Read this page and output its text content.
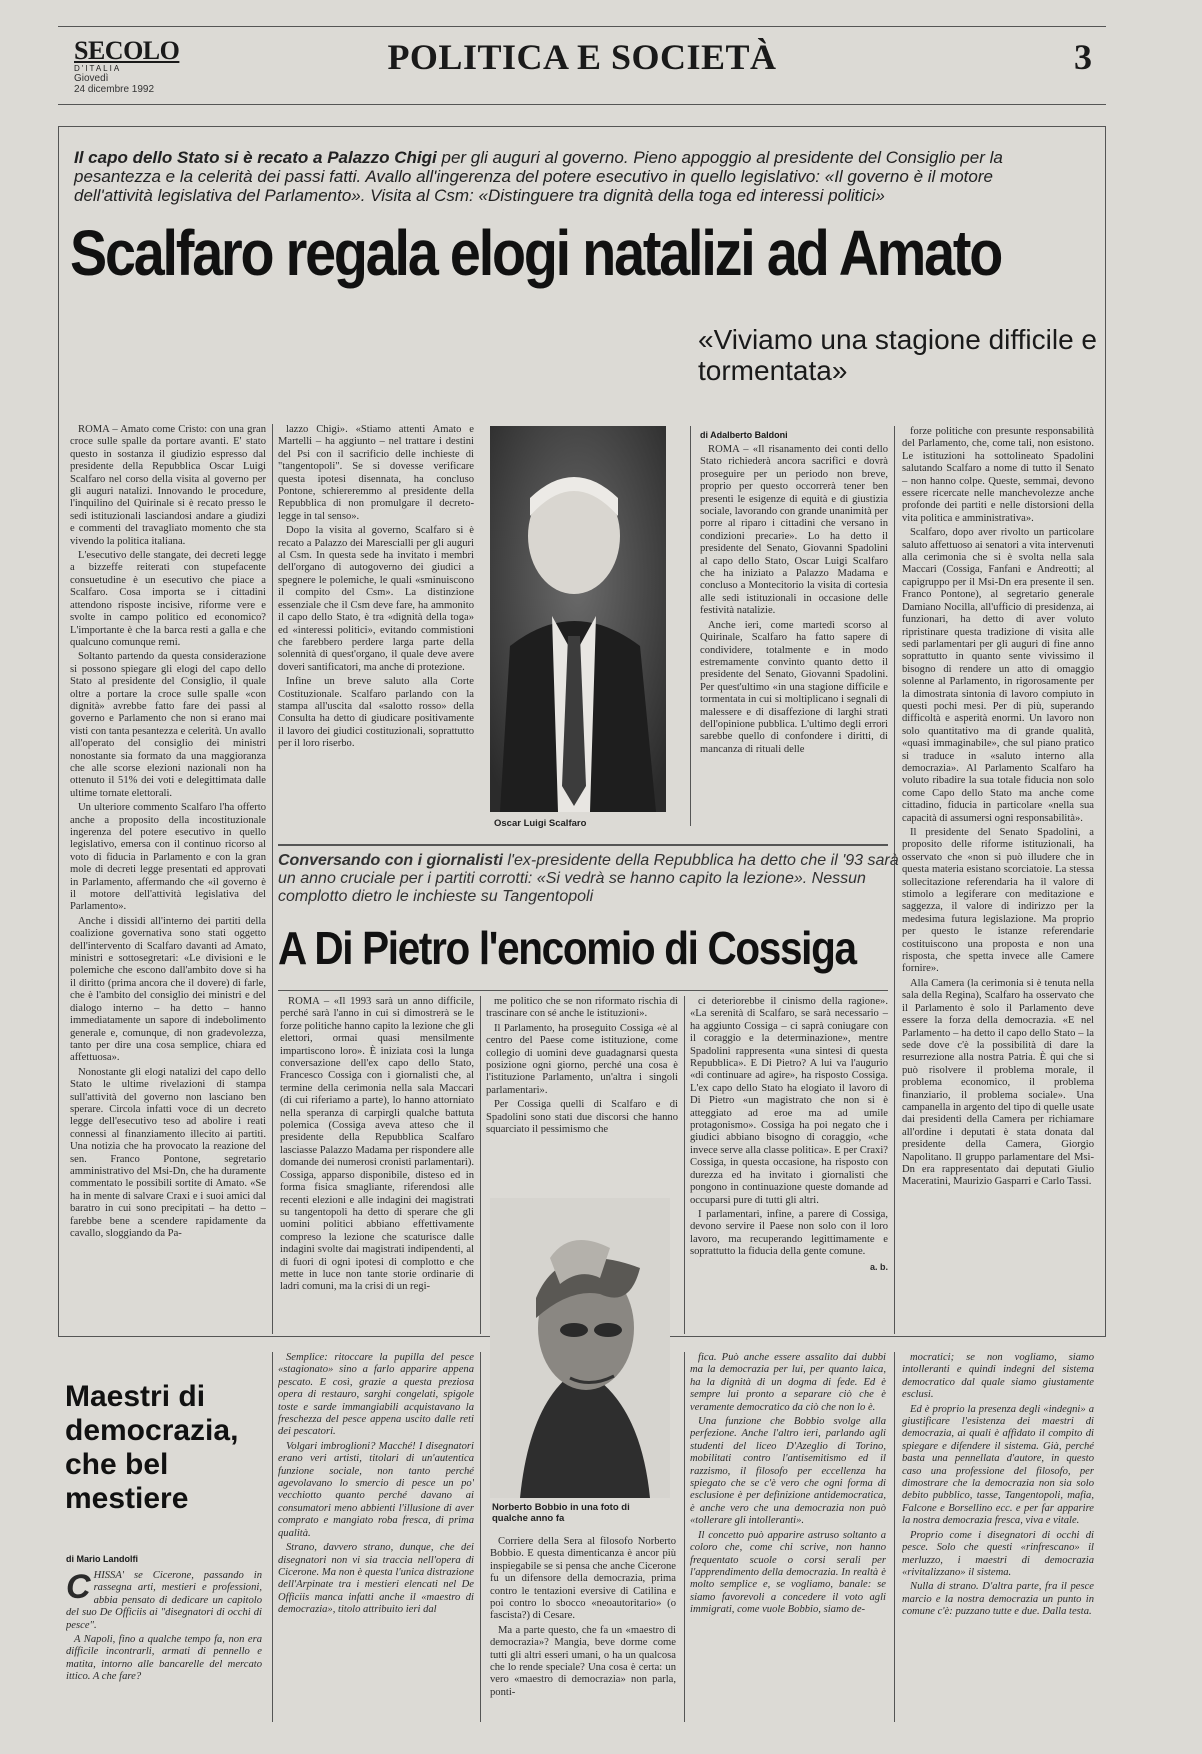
SECOLO
D'ITALIA
Giovedì
24 dicembre 1992
POLITICA E SOCIETÀ	3
Il capo dello Stato si è recato a Palazzo Chigi per gli auguri al governo. Pieno appoggio al presidente del Consiglio per la pesantezza e la celerità dei passi fatti. Avallo all'ingerenza del potere esecutivo in quello legislativo: «Il governo è il motore dell'attività legislativa del Parlamento». Visita al Csm: «Distinguere tra dignità della toga ed interessi politici»
Scalfaro regala elogi natalizi ad Amato

ROMA – Amato come Cristo: con una gran croce sulle spalle da portare avanti. E' stato questo in sostanza il giudizio espresso dal presidente della Repubblica Oscar Luigi Scalfaro nel corso della visita al governo per gli auguri natalizi. Innovando le procedure, l'inquilino del Quirinale si è recato presso le sedi istituzionali lasciandosi andare a giudizi e commenti del travagliato momento che sta vivendo la politica italiana.

L'esecutivo delle stangate, dei decreti legge a bizzeffe reiterati con stupefacente consuetudine è un esecutivo che piace a Scalfaro. Cosa importa se i cittadini attendono risposte incisive, riforme vere e svolte in campo politico ed economico? L'importante è che la barca resti a galla e che qualcuno comunque remi.

Soltanto partendo da questa considerazione si possono spiegare gli elogi del capo dello Stato al presidente del Consiglio, il quale oltre a portare la croce sulle spalle «con dignità» avrebbe fatto fare dei passi al governo e Parlamento che non si erano mai visti con tanta pesantezza e celerità. Un avallo all'operato del consiglio dei ministri nonostante sia formato da una maggioranza che alle scorse elezioni nazionali non ha ottenuto il 51% dei voti e delegittimata dalle ultime tornate elettorali.

Un ulteriore commento Scalfaro l'ha offerto anche a proposito della incostituzionale ingerenza del potere esecutivo in quello legislativo, emersa con il continuo ricorso al voto di fiducia in Parlamento e con la gran mole di decreti legge presentati ed approvati in Parlamento, affermando che «il governo è il motore dell'attività legislativa del Parlamento».

Anche i dissidi all'interno dei partiti della coalizione governativa sono stati oggetto dell'intervento di Scalfaro davanti ad Amato, ministri e sottosegretari: «Le divisioni e le polemiche che escono dall'ambito dove si ha il diritto (prima ancora che il dovere) di farle, che è l'ambito del consiglio dei ministri e del dialogo interno – ha detto – hanno immediatamente un sapore di indebolimento generale e, comunque, di non gradevolezza, tanto per dire una cosa semplice, chiara ed affettuosa».

Nonostante gli elogi natalizi del capo dello Stato le ultime rivelazioni di stampa sull'attività del governo non lasciano ben sperare. Circola infatti voce di un decreto legge dell'esecutivo teso ad abolire i reati connessi al finanziamento illecito ai partiti. Una notizia che ha provocato la reazione del sen. Franco Pontone, segretario amministrativo del Msi-Dn, che ha duramente commentato le possibili sortite di Amato. «Se ha in mente di salvare Craxi e i suoi amici dal baratro in cui sono precipitati – ha detto – farebbe bene a scendere rapidamente da cavallo, sloggiando da Pa-

lazzo Chigi». «Stiamo attenti Amato e Martelli – ha aggiunto – nel trattare i destini del Psi con il sacrificio delle inchieste di "tangentopoli". Se si dovesse verificare questa ipotesi disennata, ha concluso Pontone, schiereremmo al presidente della Repubblica di non promulgare il decreto-legge in tal senso».

Dopo la visita al governo, Scalfaro si è recato a Palazzo dei Marescialli per gli auguri al Csm. In questa sede ha invitato i membri dell'organo di autogoverno dei giudici a spegnere le polemiche, le quali «sminuiscono il compito del Csm». La distinzione essenziale che il Csm deve fare, ha ammonito il capo dello Stato, è tra «dignità della toga» ed «interessi politici», evitando commistioni che farebbero perdere larga parte della solennità di quest'organo, il quale deve avere doveri santificatori, ma anche di protezione.

Infine un breve saluto alla Corte Costituzionale. Scalfaro parlando con la stampa all'uscita dal «salotto rosso» della Consulta ha detto di giudicare positivamente il lavoro dei giudici costituzionali, soprattutto per il loro riserbo.

Oscar Luigi Scalfaro
«Viviamo una stagione difficile e tormentata»
di Adalberto Baldoni

ROMA – «Il risanamento dei conti dello Stato richiederà ancora sacrifici e dovrà proseguire per un periodo non breve, proprio per questo occorrerà tener ben presenti le esigenze di equità e di giustizia sociale, lavorando con grande unanimità per porre al riparo i cittadini che versano in condizioni precarie». Lo ha detto il presidente del Senato, Giovanni Spadolini al capo dello Stato, Oscar Luigi Scalfaro che ha iniziato a Palazzo Madama e concluso a Montecitorio la visita di cortesia alle sedi istituzionali in occasione delle festività natalizie.

Anche ieri, come martedì scorso al Quirinale, Scalfaro ha fatto sapere di condividere, totalmente e in modo estremamente convinto quanto detto il presidente del Senato, Giovanni Spadolini. Per quest'ultimo «in una stagione difficile e tormentata in cui si moltiplicano i segnali di malessere e di disaffezione di larghi strati dell'opinione pubblica. L'ultimo degli errori sarebbe quello di confondere i diritti, di mancanza di rituali delle

forze politiche con presunte responsabilità del Parlamento, che, come tali, non esistono. Le istituzioni ha sottolineato Spadolini salutando Scalfaro a nome di tutto il Senato – non hanno colpe. Queste, semmai, devono essere ricercate nelle manchevolezze anche profonde dei partiti e nelle distorsioni della vita politica e amministrativa».

Scalfaro, dopo aver rivolto un particolare saluto affettuoso ai senatori a vita intervenuti alla cerimonia che si è svolta nella sala Maccari (Cossiga, Fanfani e Andreotti; al capigruppo per il Msi-Dn era presente il sen. Franco Pontone), al segretario generale Damiano Nocilla, all'ufficio di presidenza, ai funzionari, ha detto di aver voluto ripristinare questa tradizione di visita alle sedi parlamentari per gli auguri di fine anno soprattutto in quanto sente vivissimo il bisogno di rendere un atto di omaggio solenne al Parlamento, in rigorosamente per la dimostrata sintonia di lavoro compiuto in questi pochi mesi. Per di più, superando difficoltà e asperità enormi. Un lavoro non solo quantitativo ma di grande qualità, «quasi immaginabile», che sul piano pratico si traduce in «saluto interno alla democrazia». Al Parlamento Scalfaro ha voluto ribadire la sua totale fiducia non solo come Capo dello Stato ma anche come cittadino, fiducia in particolare «nella sua capacità di assumersi ogni responsabilità».

Il presidente del Senato Spadolini, a proposito delle riforme istituzionali, ha osservato che «non si può illudere che in questa materia esistano scorciatoie. La stessa sollecitazione referendaria ha il valore di stimolo a legiferare con meditazione e saggezza, il valore di indirizzo per la medesima futura legislazione. Ma proprio per questo le istanze referendarie costituiscono una proposta e non una risposta, che spetta invece alle Camere fornire».

Alla Camera (la cerimonia si è tenuta nella sala della Regina), Scalfaro ha osservato che il Parlamento è solo il Parlamento deve essere la forza della democrazia. «E nel Parlamento – ha detto il capo dello Stato – la sede dove c'è la possibilità di dare la resurrezione alla nostra Patria. È qui che si può risolvere il problema morale, il problema economico, il problema finanziario, il problema sociale». Una campanella in argento del tipo di quelle usate dai presidenti della Camera per richiamare all'ordine i deputati è stata donata dal presidente della Camera, Giorgio Napolitano. Il gruppo parlamentare del Msi-Dn era rappresentato dai deputati Giulio Maceratini, Maurizio Gasparri e Carlo Tassi.

Conversando con i giornalisti l'ex-presidente della Repubblica ha detto che il '93 sarà un anno cruciale per i partiti corrotti: «Si vedrà se hanno capito la lezione». Nessun complotto dietro le inchieste su Tangentopoli
A Di Pietro l'encomio di Cossiga

ROMA – «Il 1993 sarà un anno difficile, perché sarà l'anno in cui si dimostrerà se le forze politiche hanno capito la lezione che gli elettori, ormai quasi mensilmente impartiscono loro». È iniziata così la lunga conversazione dell'ex capo dello Stato, Francesco Cossiga con i giornalisti che, al termine della cerimonia nella sala Maccari (di cui riferiamo a parte), lo hanno attorniato nella speranza di carpirgli qualche battuta polemica (Cossiga aveva atteso che il presidente della Repubblica Scalfaro lasciasse Palazzo Madama per rispondere alle domande dei numerosi cronisti parlamentari). Cossiga, apparso disponibile, disteso ed in forma fisica smagliante, riferendosi alle recenti elezioni e alle indagini dei magistrati su tangentopoli ha detto di sperare che gli uomini politici abbiano effettivamente compreso la lezione che scaturisce dalle indagini svolte dai magistrati indipendenti, al di fuori di ogni ipotesi di complotto e che mette in luce non tante storie ordinarie di ladri comuni, ma la crisi di un regi-

me politico che se non riformato rischia di trascinare con sé anche le istituzioni».

Il Parlamento, ha proseguito Cossiga «è al centro del Paese come istituzione, come collegio di uomini deve guadagnarsi questa posizione ogni giorno, perché una cosa è l'istituzione Parlamento, un'altra i singoli parlamentari».

Per Cossiga quelli di Scalfaro e di Spadolini sono stati due discorsi che hanno squarciato il pessimismo che

ci deteriorebbe il cinismo della ragione». «La serenità di Scalfaro, se sarà necessario – ha aggiunto Cossiga – ci saprà coniugare con il coraggio e la determinazione», mentre Spadolini rappresenta «una sintesi di questa Repubblica». E Di Pietro? A lui va l'augurio «di continuare ad agire», ha risposto Cossiga. L'ex capo dello Stato ha elogiato il lavoro di Di Pietro «un magistrato che non si è atteggiato ad eroe ma ad umile protagonismo». Cossiga ha poi negato che i giudici abbiano bisogno di coraggio, «che invece serve alla classe politica». E per Craxi? Cossiga, in questa occasione, ha risposto con durezza ed ha invitato i giornalisti che pongono in continuazione queste domande ad occuparsi pure di tutti gli altri.

I parlamentari, infine, a parere di Cossiga, devono servire il Paese non solo con il loro lavoro, ma recuperando legittimamente e soprattutto la fiducia della gente comune.

a. b.
Maestri di democrazia, che bel mestiere
di Mario Landolfi
C HISSA' se Cicerone, passando in rassegna arti, mestieri e professioni, abbia pensato di dedicare un capitolo del suo De Officiis ai "disegnatori di occhi di pesce".

A Napoli, fino a qualche tempo fa, non era difficile incontrarli, armati di pennello e matita, intorno alle bancarelle del mercato ittico. A che fare?

Semplice: ritoccare la pupilla del pesce «stagionato» sino a farlo apparire appena pescato. E così, grazie a questa preziosa opera di restauro, sarghi congelati, spigole toste e sarde immangiabili acquistavano la freschezza del pesce appena uscito dalle reti dei pescatori.

Volgari imbroglioni? Macché! I disegnatori erano veri artisti, titolari di un'autentica funzione sociale, non tanto perché agevolavano lo smercio di pesce un po' vecchiotto quanto perché davano ai consumatori meno abbienti l'illusione di aver comprato e mangiato roba fresca, di prima qualità.

Strano, davvero strano, dunque, che dei disegnatori non vi sia traccia nell'opera di Cicerone. Ma non è questa l'unica distrazione dell'Arpinate tra i mestieri elencati nel De Officiis manca infatti anche il «maestro di democrazia», titolo attribuito ieri dal

Norberto Bobbio in una foto di qualche anno fa

Corriere della Sera al filosofo Norberto Bobbio. E questa dimenticanza è ancor più inspiegabile se si pensa che anche Cicerone fu un difensore della democrazia, prima contro le tentazioni eversive di Catilina e poi contro lo sbocco «neoautoritario» (o fascista?) di Cesare.

Ma a parte questo, che fa un «maestro di democrazia»? Mangia, beve dorme come tutti gli altri esseri umani, o ha un qualcosa che lo rende speciale? Una cosa è certa: un vero «maestro di democrazia» non parla, ponti-

fica. Può anche essere assalito dai dubbi ma la democrazia per lui, per quanto laica, ha la dignità di un dogma di fede. Ed è sempre lui pronto a separare ciò che è veramente democratico da ciò che non lo è.

Una funzione che Bobbio svolge alla perfezione. Anche l'altro ieri, parlando agli studenti del liceo D'Azeglio di Torino, mobilitati contro l'antisemitismo ed il razzismo, il filosofo per eccellenza ha spiegato che se c'è vero che ogni forma di esclusione è per definizione antidemocratica, è anche vero che una democrazia non può «tollerare gli intolleranti».

Il concetto può apparire astruso soltanto a coloro che, come chi scrive, non hanno frequentato scuole o corsi serali per l'apprendimento della democrazia. In realtà è molto semplice e, se vogliamo, banale: se siamo favorevoli a concedere il voto agli immigrati, come vuole Bobbio, siamo de-

mocratici; se non vogliamo, siamo intolleranti e quindi indegni del sistema democratico dal quale siamo giustamente esclusi.

Ed è proprio la presenza degli «indegni» a giustificare l'esistenza dei maestri di democrazia, ai quali è affidato il compito di spiegare e difendere il sistema. Già, perché basta una pennellata d'autore, in questo caso una professione del filosofo, per dimostrare che la democrazia non sia solo debito pubblico, tasse, Tangentopoli, mafia, Falcone e Borsellino ecc. e per far apparire la nostra democrazia fresca, viva e vitale.

Proprio come i disegnatori di occhi di pesce. Solo che questi «rinfrescano» il merluzzo, i maestri di democrazia «rivitalizzano» il sistema.

Nulla di strano. D'altra parte, fra il pesce marcio e la nostra democrazia un punto in comune c'è: puzzano tutte e due. Dalla testa.
